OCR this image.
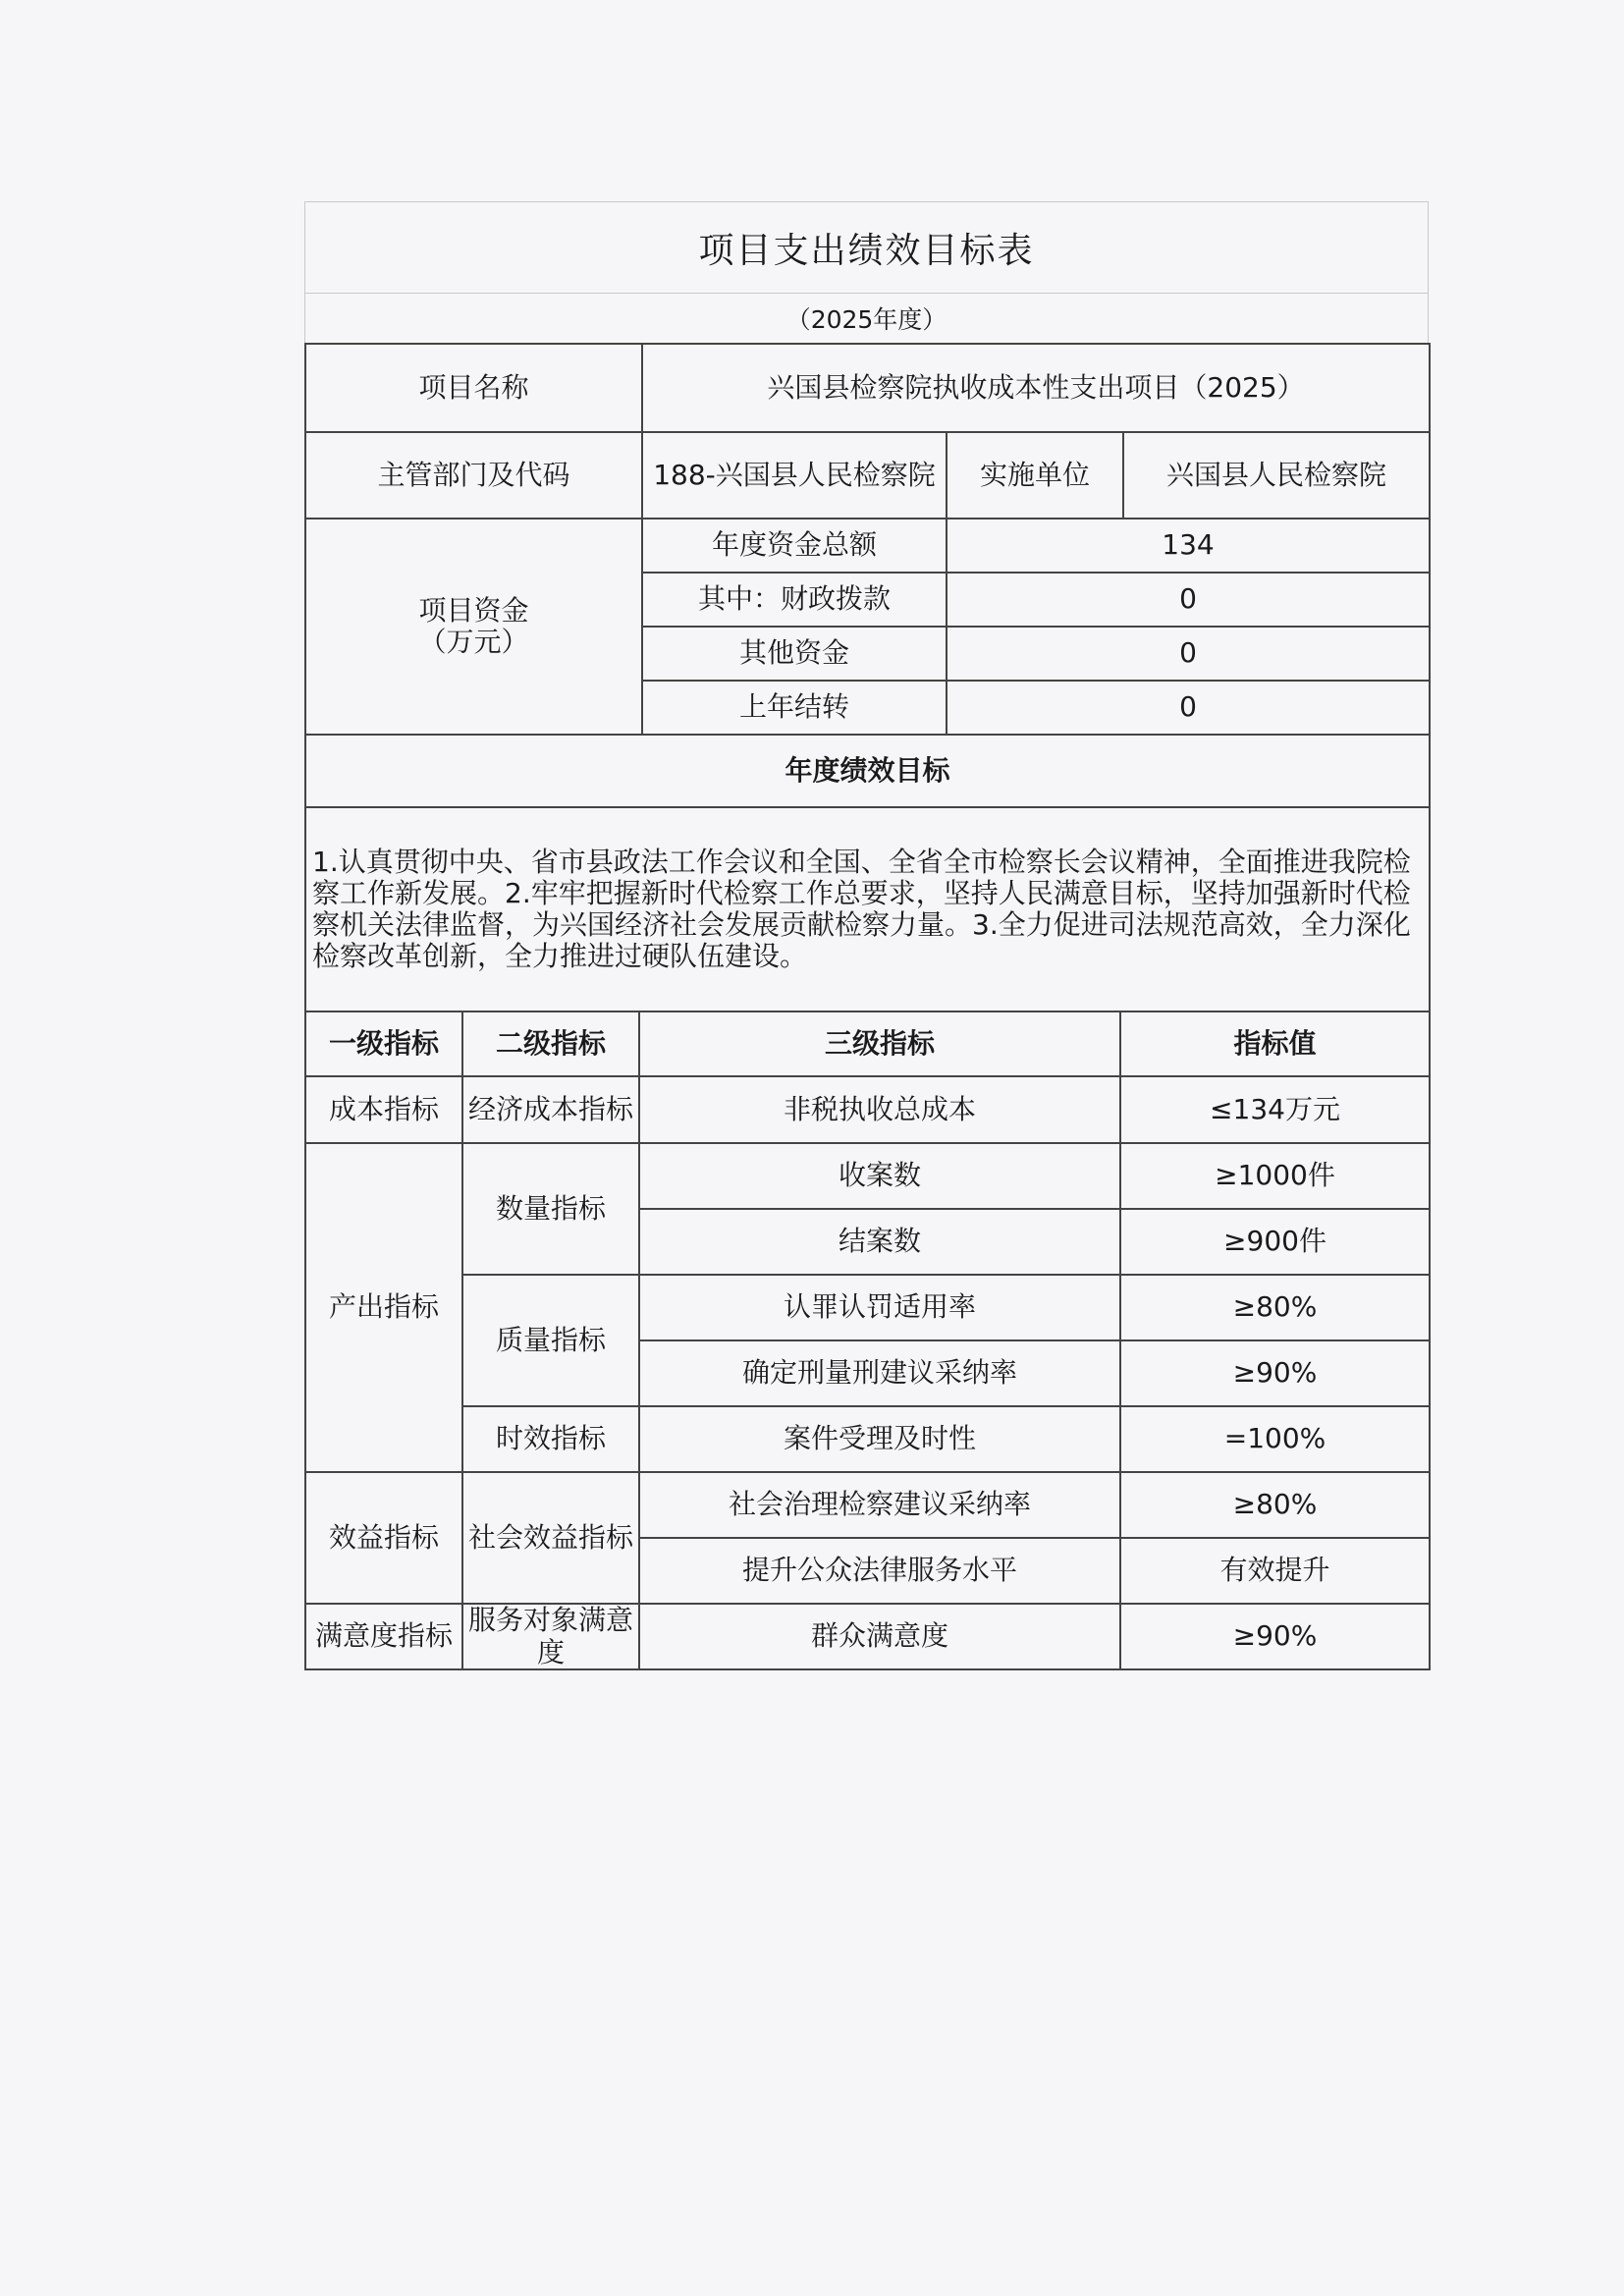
项目支出绩效目标表
（2025年度）
项目名称	兴国县检察院执收成本性支出项目（2025）		
主管部门及代码	188-兴国县人民检察院	实施单位	兴国县人民检察院

项目资金
（万元）	年度资金总额	134	
	其中：财政拨款	0	
	其他资金	0	
	上年结转	0	
年度绩效目标			
1.认真贯彻中央、省市县政法工作会议和全国、全省全市检察长会议精神，全面推进我院检察工作新发展。2.牢牢把握新时代检察工作总要求，坚持人民满意目标，坚持加强新时代检察机关法律监督，为兴国经济社会发展贡献检察力量。3.全力促进司法规范高效，全力深化检察改革创新，全力推进过硬队伍建设。			
一级指标	二级指标	三级指标	指标值
成本指标	经济成本指标	非税执收总成本	≤134万元
产出指标	数量指标	收案数	≥1000件
		结案数	≥900件
	质量指标	认罪认罚适用率	≥80%
		确定刑量刑建议采纳率	≥90%
	时效指标	案件受理及时性	=100%
效益指标	社会效益指标	社会治理检察建议采纳率	≥80%
		提升公众法律服务水平	有效提升
满意度指标	服务对象满意度	群众满意度	≥90%
